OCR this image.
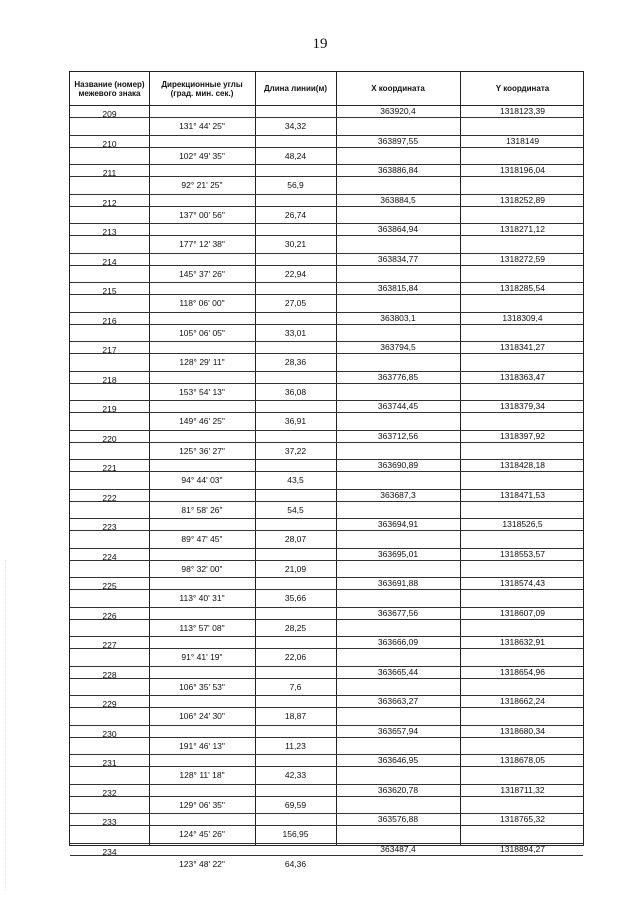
19
Название (номер) межевого знака
Дирекционные углы (град. мин. сек.)	Длина линии(м)	X координата	Y координата
209	363920,4	1318123,39
131° 44' 25"	34,32
210	363897,55	1318149
102° 49' 35"	48,24
211	363886,84	1318196,04
92° 21' 25"	56,9
212	363884,5	1318252,89
137° 00' 56"	26,74
213	363864,94	1318271,12
177° 12' 38"	30,21
214	363834,77	1318272,59
145° 37' 26"	22,94
215	363815,84	1318285,54
118° 06' 00"	27,05
216	363803,1	1318309,4
105° 06' 05"	33,01
217	363794,5	1318341,27
128° 29' 11"	28,36
218	363776,85	1318363,47
153° 54' 13"	36,08
219	363744,45	1318379,34
149° 46' 25"	36,91
220	363712,56	1318397,92
125° 36' 27"	37,22
221	363690,89	1318428,18
94° 44' 03"	43,5
222	363687,3	1318471,53
81° 58' 26"	54,5
223	363694,91	1318526,5
89° 47' 45"	28,07
224	363695,01	1318553,57
98° 32' 00"	21,09
225	363691,88	1318574,43
113° 40' 31"	35,66
226	363677,56	1318607,09
113° 57' 08"	28,25
227	363666,09	1318632,91
91° 41' 19"	22,06
228	363665,44	1318654,96
106° 35' 53"	7,6
229	363663,27	1318662,24
106° 24' 30"	18,87
230	363657,94	1318680,34
191° 46' 13"	11,23
231	363646,95	1318678,05
128° 11' 18"	42,33
232	363620,78	1318711,32
129° 06' 35"	69,59
233	363576,88	1318765,32
124° 45' 26"	156,95
234	363487,4	1318894,27
123° 48' 22"	64,36
